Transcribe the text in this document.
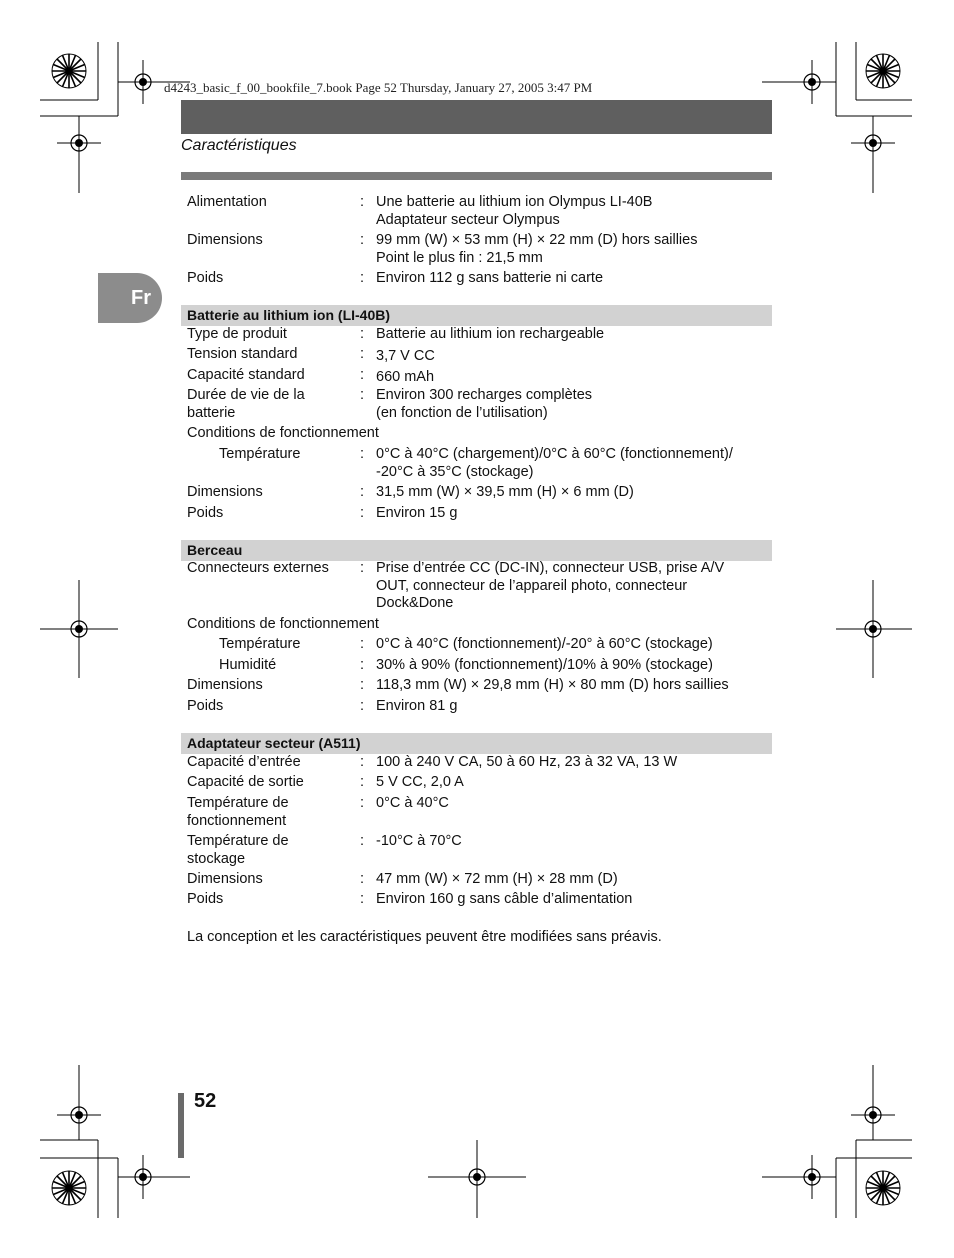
d4243_basic_f_00_bookfile_7.book Page 52 Thursday, January 27, 2005 3:47 PM
Caractéristiques
Fr
Alimentation	: Une batterie au lithium ion Olympus LI-40B
Adaptateur secteur Olympus
Dimensions	: 99 mm (W) × 53 mm (H) × 22 mm (D) hors saillies
Point le plus fin : 21,5 mm
Poids	: Environ 112 g sans batterie ni carte
Batterie au lithium ion (LI-40B)
Type de produit	: Batterie au lithium ion rechargeable
Tension standard	: 3,7 V CC
Capacité standard	: 660 mAh
Durée de vie de la
batterie
: Environ 300 recharges complètes
(en fonction de l’utilisation)
Conditions de fonctionnement
Température	: 0°C à 40°C (chargement)/0°C à 60°C (fonctionnement)/
-20°C à 35°C (stockage)
Dimensions	: 31,5 mm (W) × 39,5 mm (H) × 6 mm (D)
Poids	: Environ 15 g
Berceau
Connecteurs externes	: Prise d’entrée CC (DC-IN), connecteur USB, prise A/V
OUT, connecteur de l’appareil photo, connecteur
Dock&Done
Conditions de fonctionnement
Température	: 0°C à 40°C (fonctionnement)/-20° à 60°C (stockage)
Humidité	: 30% à 90% (fonctionnement)/10% à 90% (stockage)
Dimensions	: 118,3 mm (W) × 29,8 mm (H) × 80 mm (D) hors saillies
Poids	: Environ 81 g
Adaptateur secteur (A511)
Capacité d’entrée	: 100 à 240 V CA, 50 à 60 Hz, 23 à 32 VA, 13 W
Capacité de sortie	: 5 V CC, 2,0 A
Température de
fonctionnement
: 0°C à 40°C
Température de
stockage
: -10°C à 70°C
Dimensions	: 47 mm (W) × 72 mm (H) × 28 mm (D)
Poids	: Environ 160 g sans câble d’alimentation
La conception et les caractéristiques peuvent être modifiées sans préavis.
52
